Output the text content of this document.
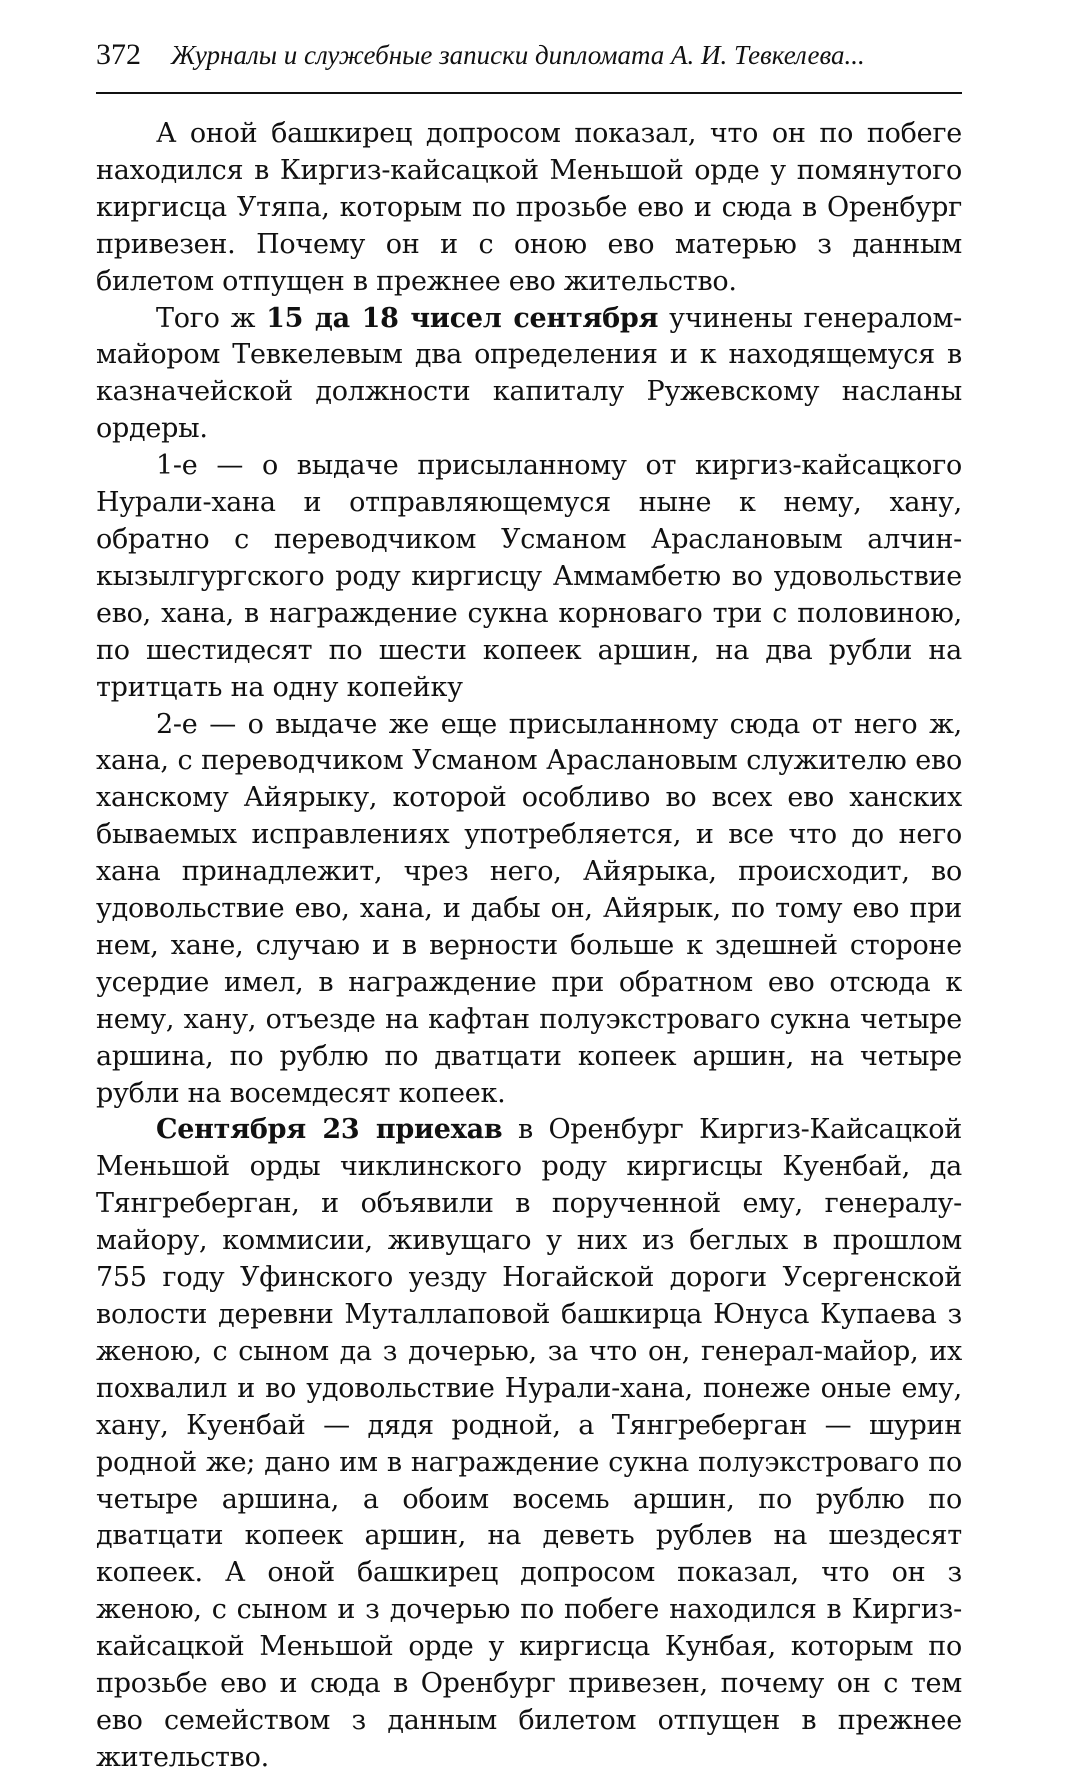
372 Журналы и служебные записки дипломата А. И. Тевкелева...

А оной башкирец допросом показал, что он по побеге находился в Киргиз-кайсацкой Меньшой орде у помянутого киргисца Утяпа, которым по прозьбе ево и сюда в Оренбург привезен. Почему он и с оною ево матерью з данным билетом отпущен в прежнее ево жительство.

Того ж 15 да 18 чисел сентября учинены генералом-майором Тевкелевым два определения и к находящемуся в казначейской должности капиталу Ружевскому насланы ордеры.

1-е — о выдаче присыланному от киргиз-кайсацкого Нурали-хана и отправляющемуся ныне к нему, хану, обратно с переводчиком Усманом Арaслановым алчин-кызылгургского роду киргисцу Аммамбетю во удовольствие ево, хана, в награждение сукна корноваго три с половиною, по шестидесят по шести копеек аршин, на два рубли на тритцать на одну копейку

2-е — о выдаче же еще присыланному сюда от него ж, хана, с переводчиком Усманом Арaслановым служителю ево ханскому Айярыку, которой особливо во всех ево ханских бываемых исправлениях употребляется, и все что до него хана принадлежит, чрез него, Айярыка, происходит, во удовольствие ево, хана, и дабы он, Айярык, по тому ево при нем, хане, случаю и в верности больше к здешней стороне усердие имел, в награждение при обратном ево отсюда к нему, хану, отъезде на кафтан полуэкстроваго сукна четыре аршина, по рублю по дватцати копеек аршин, на четыре рубли на восемдесят копеек.

Сентября 23 приехав в Оренбург Киргиз-Кайсацкой Меньшой орды чиклинского роду киргисцы Куенбай, да Тянгреберган, и объявили в порученной ему, генералу-майору, коммисии, живущаго у них из беглых в прошлом 755 году Уфинского уезду Ногайской дороги Усергенской волости деревни Муталлаповой башкирца Юнуса Купаева з женою, с сыном да з дочерью, за что он, генерал-майор, их похвалил и во удовольствие Нурали-хана, понеже оные ему, хану, Куенбай — дядя родной, а Тянгреберган — шурин родной же; дано им в награждение сукна полуэкстроваго по четыре аршина, а обоим восемь аршин, по рублю по дватцати копеек аршин, на деветь рублев на шездесят копеек. А оной башкирец допросом показал, что он з женою, с сыном и з дочерью по побеге находился в Киргиз-кайсацкой Меньшой орде у киргисца Кунбая, которым по прозьбе ево и сюда в Оренбург привезен, почему он с тем ево семейством з данным билетом отпущен в прежнее жительство.
